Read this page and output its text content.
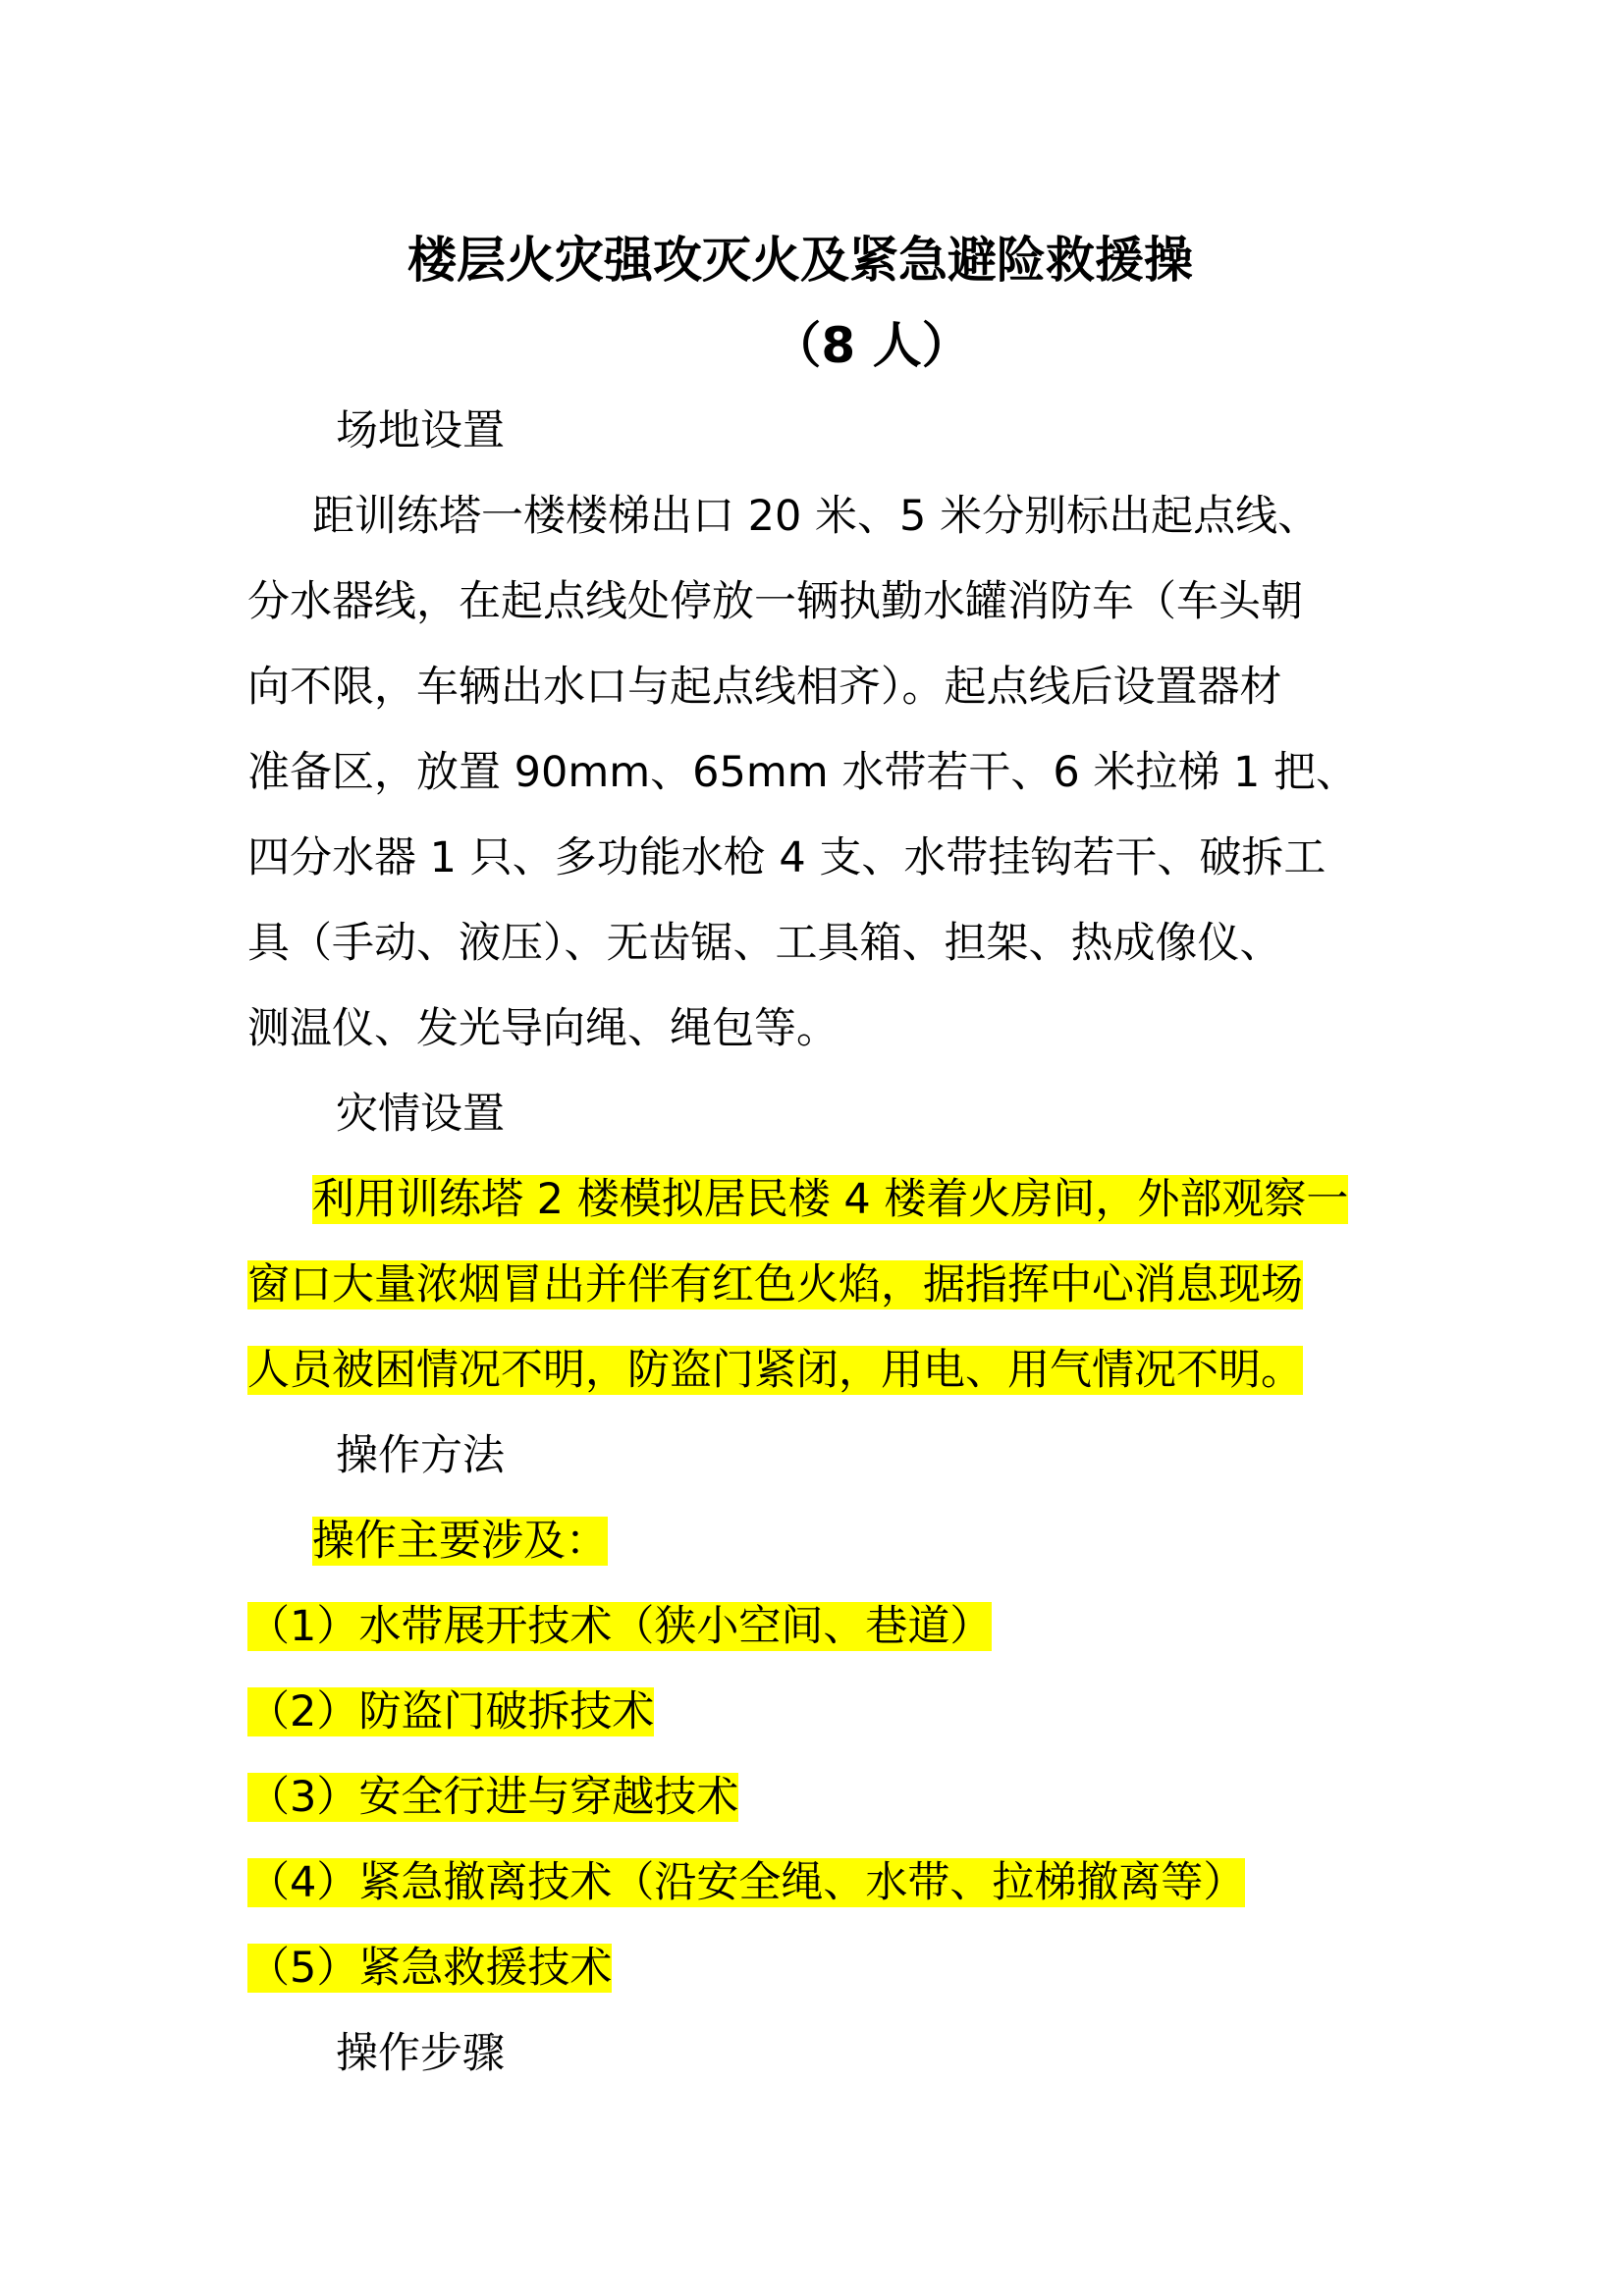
楼层火灾强攻灭火及紧急避险救援操
（8 人）
场地设置
距训练塔一楼楼梯出口 20 米、5 米分别标出起点线、
分水器线，在起点线处停放一辆执勤水罐消防车（车头朝
向不限，车辆出水口与起点线相齐）。起点线后设置器材
准备区，放置 90mm、65mm 水带若干、6 米拉梯 1 把、
四分水器 1 只、多功能水枪 4 支、水带挂钩若干、破拆工
具（手动、液压）、无齿锯、工具箱、担架、热成像仪、
测温仪、发光导向绳、绳包等。
灾情设置
利用训练塔 2 楼模拟居民楼 4 楼着火房间，外部观察一
窗口大量浓烟冒出并伴有红色火焰，据指挥中心消息现场
人员被困情况不明，防盗门紧闭，用电、用气情况不明。
操作方法
操作主要涉及：
（1）水带展开技术（狭小空间、巷道）
（2）防盗门破拆技术
（3）安全行进与穿越技术
（4）紧急撤离技术（沿安全绳、水带、拉梯撤离等）
（5）紧急救援技术
操作步骤
